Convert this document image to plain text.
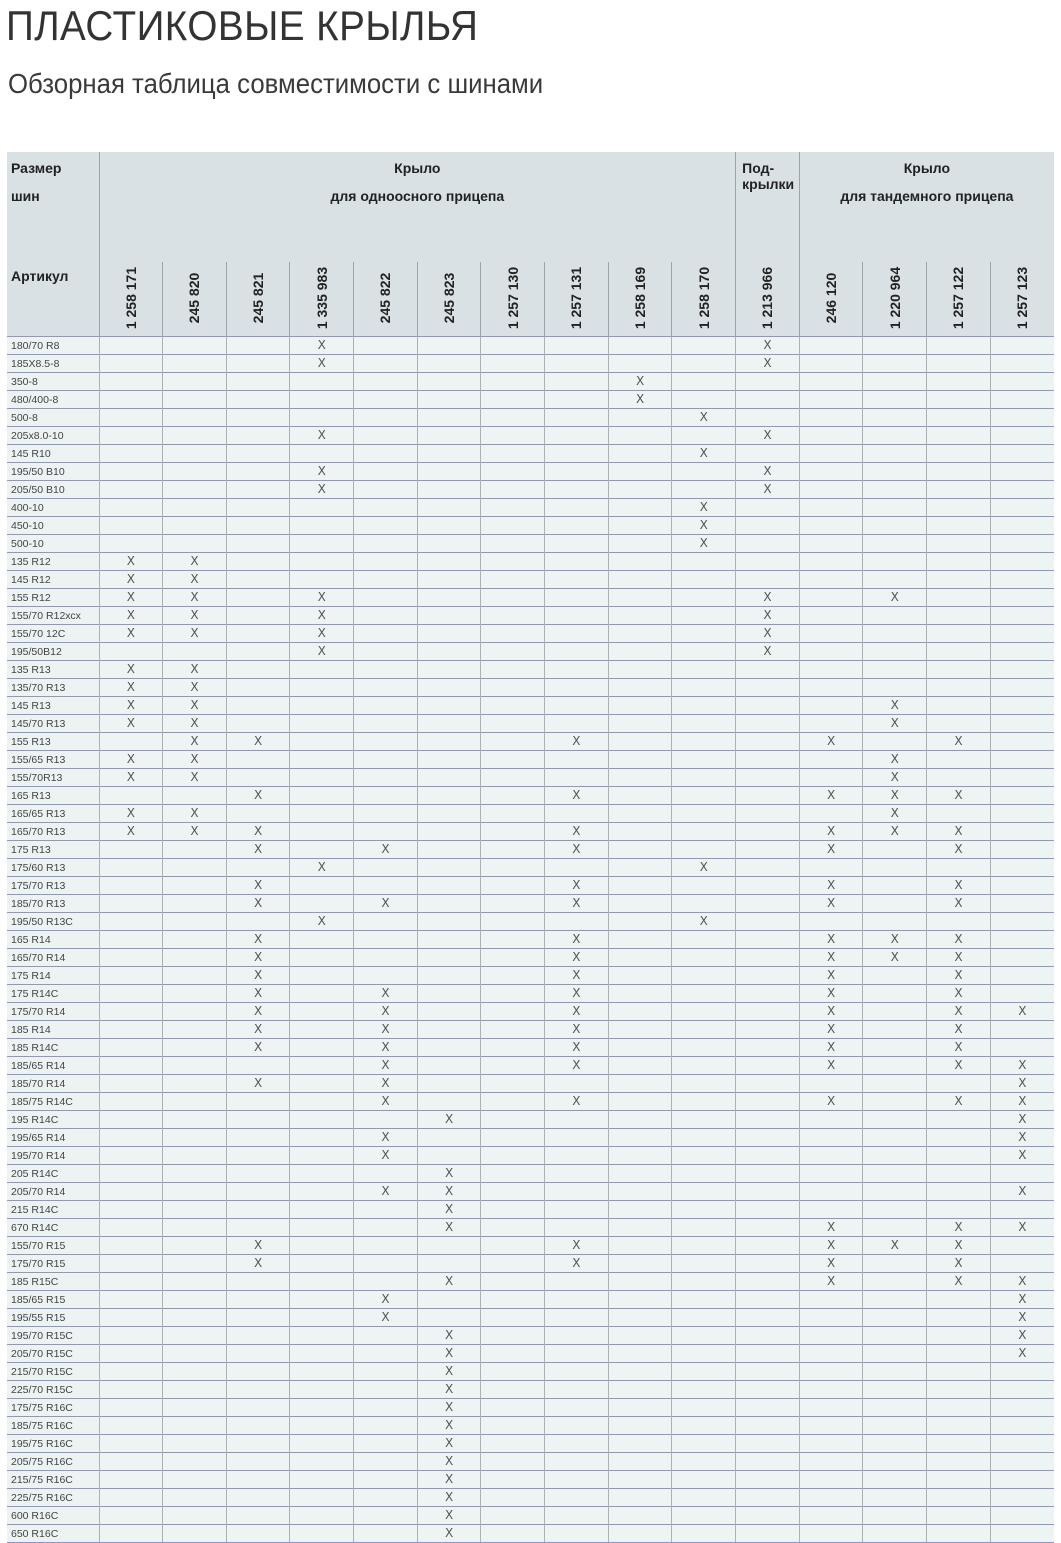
ПЛАСТИКОВЫЕ КРЫЛЬЯ
Обзорная таблица совместимости с шинами
Размер
шин
Артикул	Крыло
для одноосного прицепа										Под-
крылки	Крыло
для тандемного прицепа			

	1 258 171	245 820	245 821	1 335 983	245 822	245 823	1 257 130	1 257 131	1 258 169	1 258 170	1 213 966	246 120	1 220 964	1 257 122	1 257 123

180/70 R8				X							X				
185X8.5-8				X							X				
350-8									X						
480/400-8									X						
500-8										X					
205x8.0-10				X							X				
145 R10										X					
195/50 B10				X							X				
205/50 B10				X							X				
400-10										X					
450-10										X					
500-10										X					
135 R12	X	X													
145 R12	X	X													
155 R12	X	X		X							X		X		
155/70 R12хсх	X	X		X							X				
155/70 12C	X	X		X							X				
195/50B12				X							X				
135 R13	X	X													
135/70 R13	X	X													
145 R13	X	X											X		
145/70 R13	X	X											X		
155 R13		X	X					X				X		X	
155/65 R13	X	X											X		
155/70R13	X	X											X		
165 R13			X					X				X	X	X	
165/65 R13	X	X											X		
165/70 R13	X	X	X					X				X	X	X	
175 R13			X		X			X				X		X	
175/60 R13				X						X					
175/70 R13			X					X				X		X	
185/70 R13			X		X			X				X		X	
195/50 R13C				X						X					
165 R14			X					X				X	X	X	
165/70 R14			X					X				X	X	X	
175 R14			X					X				X		X	
175 R14C			X		X			X				X		X	
175/70 R14			X		X			X				X		X	X
185 R14			X		X			X				X		X	
185 R14C			X		X			X				X		X	
185/65 R14					X			X				X		X	X
185/70 R14			X		X										X
185/75 R14C					X			X				X		X	X
195 R14C						X									X
195/65 R14					X										X
195/70 R14					X										X
205 R14C						X									
205/70 R14					X	X									X
215 R14C						X									
670 R14C						X						X		X	X
155/70 R15			X					X				X	X	X	
175/70 R15			X					X				X		X	
185 R15C						X						X		X	X
185/65 R15					X										X
195/55 R15					X										X
195/70 R15C						X									X
205/70 R15C						X									X
215/70 R15C						X									
225/70 R15C						X									
175/75 R16C						X									
185/75 R16C						X									
195/75 R16C						X									
205/75 R16C						X									
215/75 R16C						X									
225/75 R16C						X									
600 R16C						X									
650 R16C						X									
